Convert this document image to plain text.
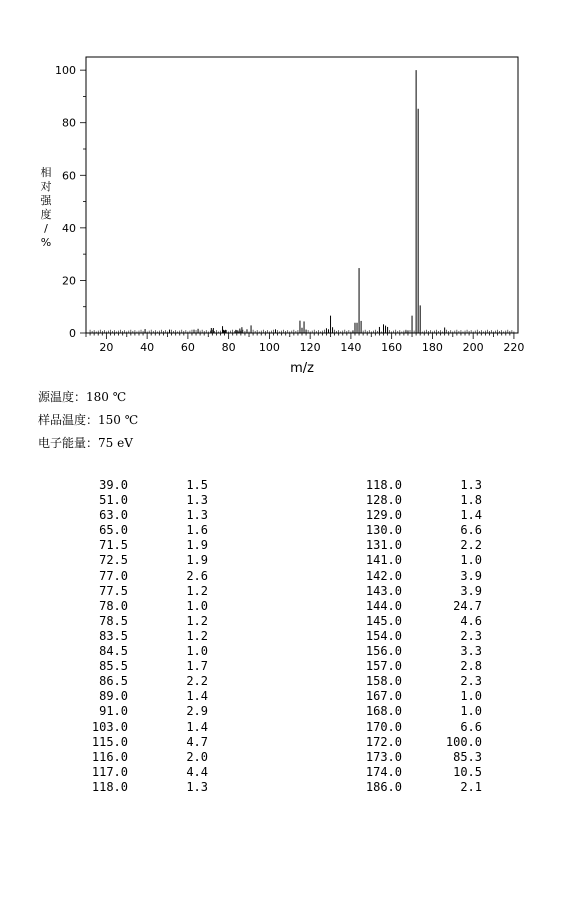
20 40 60 80 100 120 140 160 180 200 220
0
20
40
60
80
100
m/z
相
对
强
度
/
%
源温度：180 ℃
样品温度：150 ℃
电子能量：75 eV
39.0	1.5
51.0	1.3
63.0	1.3
65.0	1.6
71.5	1.9
72.5	1.9
77.0	2.6
77.5	1.2
78.0	1.0
78.5	1.2
83.5	1.2
84.5	1.0
85.5	1.7
86.5	2.2
89.0	1.4
91.0	2.9
103.0	1.4
115.0	4.7
116.0	2.0
117.0	4.4
118.0	1.3
118.0	1.3
128.0	1.8
129.0	1.4
130.0	6.6
131.0	2.2
141.0	1.0
142.0	3.9
143.0	3.9
144.0	24.7
145.0	4.6
154.0	2.3
156.0	3.3
157.0	2.8
158.0	2.3
167.0	1.0
168.0	1.0
170.0	6.6
172.0	100.0
173.0	85.3
174.0	10.5
186.0	2.1
